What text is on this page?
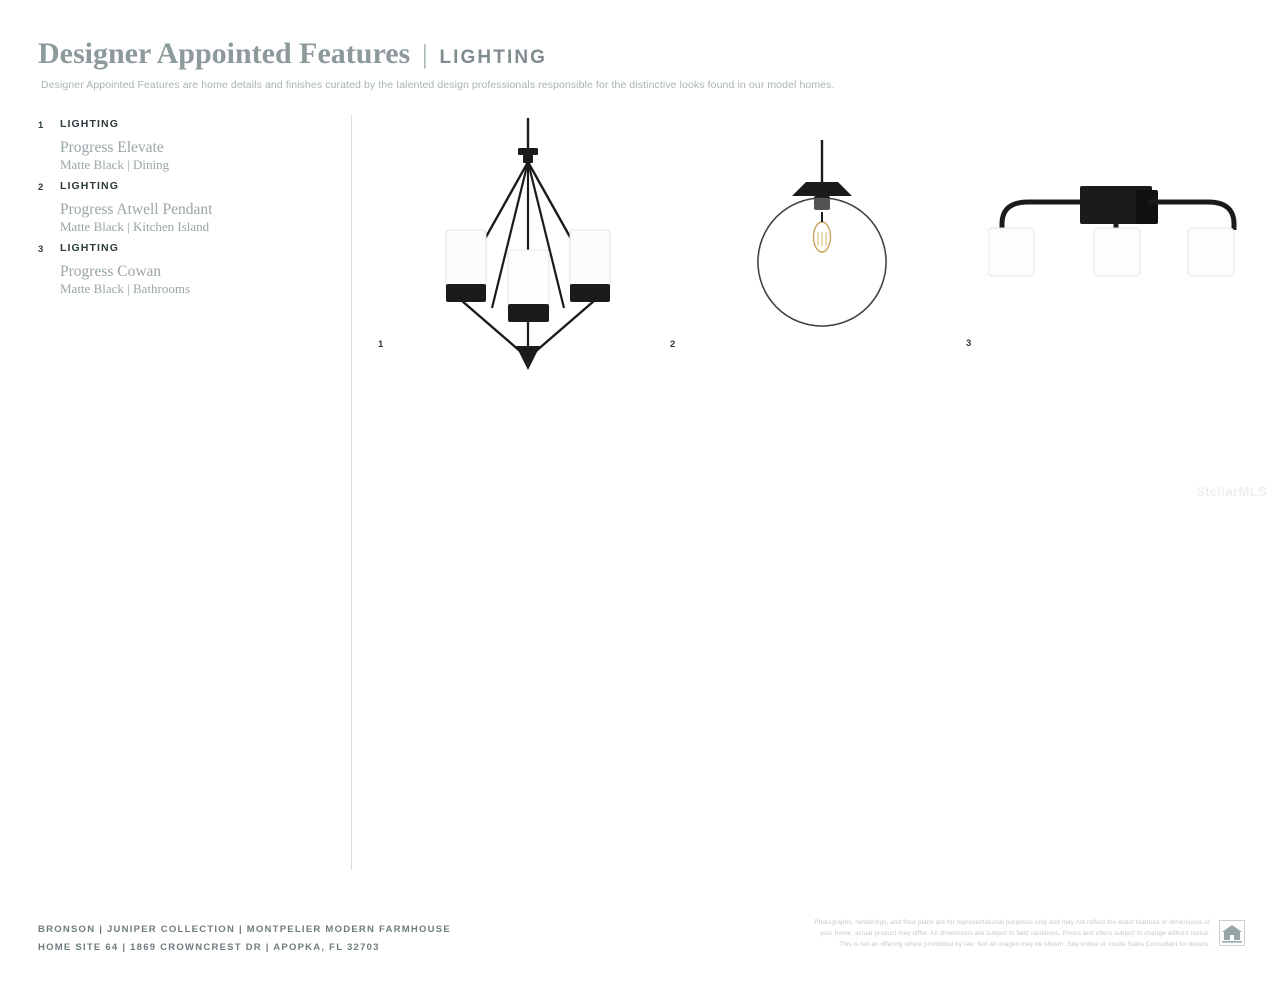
Designer Appointed Features | LIGHTING
Designer Appointed Features are home details and finishes curated by the talented design professionals responsible for the distinctive looks found in our model homes.
1 LIGHTING
Progress Elevate
Matte Black | Dining
2 LIGHTING
Progress Atwell Pendant
Matte Black | Kitchen Island
3 LIGHTING
Progress Cowan
Matte Black | Bathrooms
1	2	3
StellarMLS
BRONSON | JUNIPER COLLECTION | MONTPELIER MODERN FARMHOUSE
HOME SITE 64 | 1869 CROWNCREST DR | APOPKA, FL 32703
Photographs, renderings, and floor plans are for representational purposes only and may not reflect the exact features or dimensions of
your home; actual product may differ. All dimensions are subject to field variations. Prices and offers subject to change without notice.
This is not an offering where prohibited by law. Not all images may be shown. See online or onsite Sales Consultant for details.
